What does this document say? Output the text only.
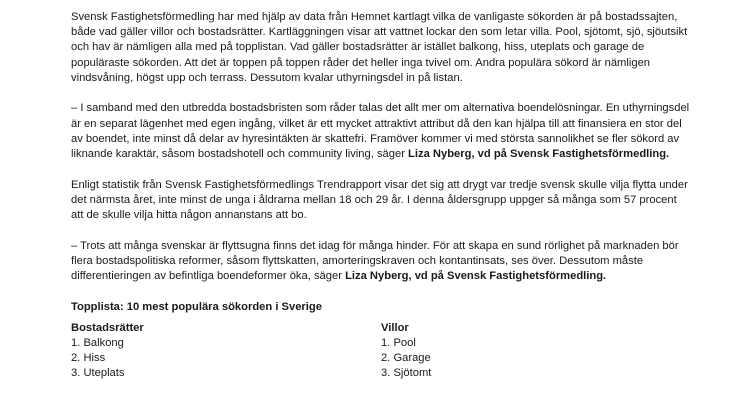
Svensk Fastighetsförmedling har med hjälp av data från Hemnet kartlagt vilka de vanligaste sökorden är på bostadssajten, både vad gäller villor och bostadsrätter. Kartläggningen visar att vattnet lockar den som letar villa. Pool, sjötomt, sjö, sjöutsikt och hav är nämligen alla med på topplistan. Vad gäller bostadsrätter är istället balkong, hiss, uteplats och garage de populäraste sökorden. Att det är toppen på toppen råder det heller inga tvivel om. Andra populära sökord är nämligen vindsvåning, högst upp och terrass. Dessutom kvalar uthyrningsdel in på listan.

– I samband med den utbredda bostadsbristen som råder talas det allt mer om alternativa boendelösningar. En uthyrningsdel är en separat lägenhet med egen ingång, vilket är ett mycket attraktivt attribut då den kan hjälpa till att finansiera en stor del av boendet, inte minst då delar av hyresintäkten är skattefri. Framöver kommer vi med största sannolikhet se fler sökord av liknande karaktär, såsom bostadshotell och community living, säger Liza Nyberg, vd på Svensk Fastighetsförmedling.

Enligt statistik från Svensk Fastighetsförmedlings Trendrapport visar det sig att drygt var tredje svensk skulle vilja flytta under det närmsta året, inte minst de unga i åldrarna mellan 18 och 29 år. I denna åldersgrupp uppger så många som 57 procent att de skulle vilja hitta någon annanstans att bo.

– Trots att många svenskar är flyttsugna finns det idag för många hinder. För att skapa en sund rörlighet på marknaden bör flera bostadspolitiska reformer, såsom flyttskatten, amorteringskraven och kontantinsats, ses över. Dessutom måste differentieringen av befintliga boendeformer öka, säger Liza Nyberg, vd på Svensk Fastighetsförmedling.

Topplista: 10 mest populära sökorden i Sverige
Bostadsrätter
1. Balkong
2. Hiss
3. Uteplats
Villor
1. Pool
2. Garage
3. Sjötomt
